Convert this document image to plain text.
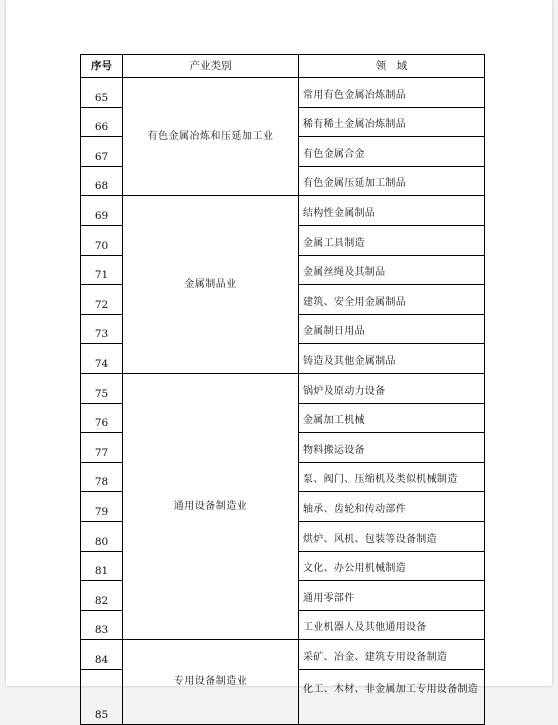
序号	产业类别	领　域
65	有色金属冶炼和压延加工业	常用有色金属冶炼制品
66		稀有稀土金属冶炼制品
67		有色金属合金
68		有色金属压延加工制品
69	金属制品业	结构性金属制品
70		金属工具制造
71		金属丝绳及其制品
72		建筑、安全用金属制品
73		金属制日用品
74		铸造及其他金属制品
75	通用设备制造业	锅炉及原动力设备
76		金属加工机械
77		物料搬运设备
78		泵、阀门、压缩机及类似机械制造
79		轴承、齿轮和传动部件
80		烘炉、风机、包装等设备制造
81		文化、办公用机械制造
82		通用零部件
83		工业机器人及其他通用设备
84	专用设备制造业	采矿、冶金、建筑专用设备制造
85		化工、木材、非金属加工专用设备制造
